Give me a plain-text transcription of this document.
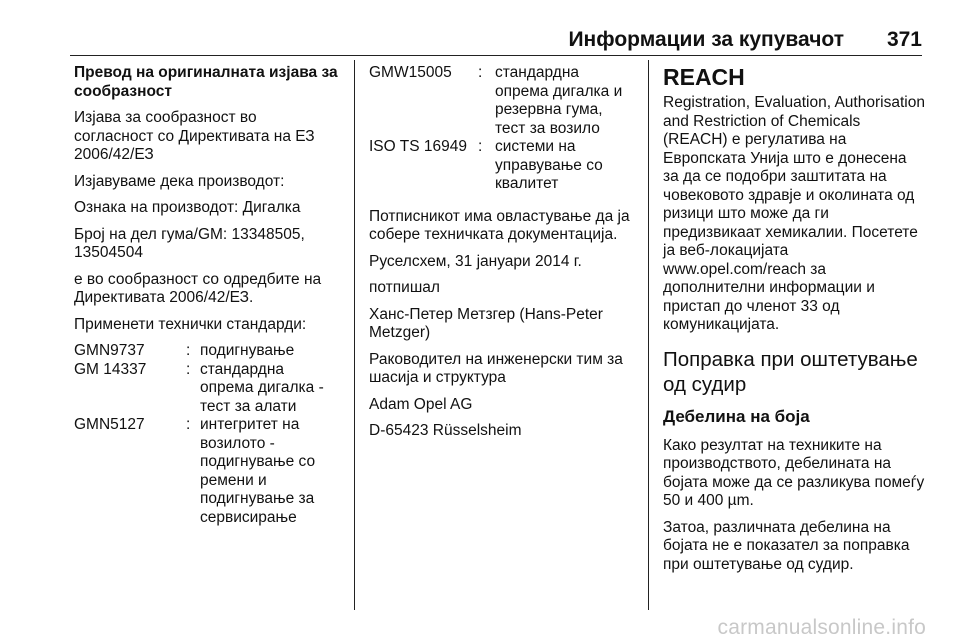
Информации за купувачот 371

Превод на оригиналната изјава за сообразност

Изјава за сообразност во согласност со Директивата на ЕЗ 2006/42/ЕЗ

Изјавуваме дека производот:

Ознака на производот: Дигалка

Број на дел гума/GM: 13348505, 13504504

е во сообразност со одредбите на Директивата 2006/42/ЕЗ.

Применети технички стандарди:

GMN9737	: подигнување
GM 14337	: стандардна опрема дигалка - тест за алати
GMN5127	: интегритет на возилото - подигнување со ремени и подигнување за сервисирање
GMW15005	: стандардна опрема дигалка и резервна гума, тест за возило
ISO TS 16949 : системи на управување со квалитет

Потписникот има овластување да ја собере техничката документација.

Руселсхем, 31 јануари 2014 г.

потпишал

Ханс-Петер Метзгер (Hans-Peter Metzger)

Раководител на инженерски тим за шасија и структура

Adam Opel AG

D-65423 Rüsselsheim

REACH

Registration, Evaluation, Authorisation and Restriction of Chemicals (REACH) е регулатива на Европската Унија што е донесена за да се подобри заштитата на човековото здравје и околината од ризици што може да ги предизвикаат хемикалии. Посетете ја веб-локацијата www.opel.com/reach за дополнителни информации и пристап до членот 33 од комуникацијата.

Поправка при оштетување од судир
Дебелина на боја

Како резултат на техниките на производството, дебелината на бојата може да се разликува помеѓу 50 и 400 µm.

Затоа, различната дебелина на бојата не е показател за поправка при оштетување од судир.

carmanualsonline.info
